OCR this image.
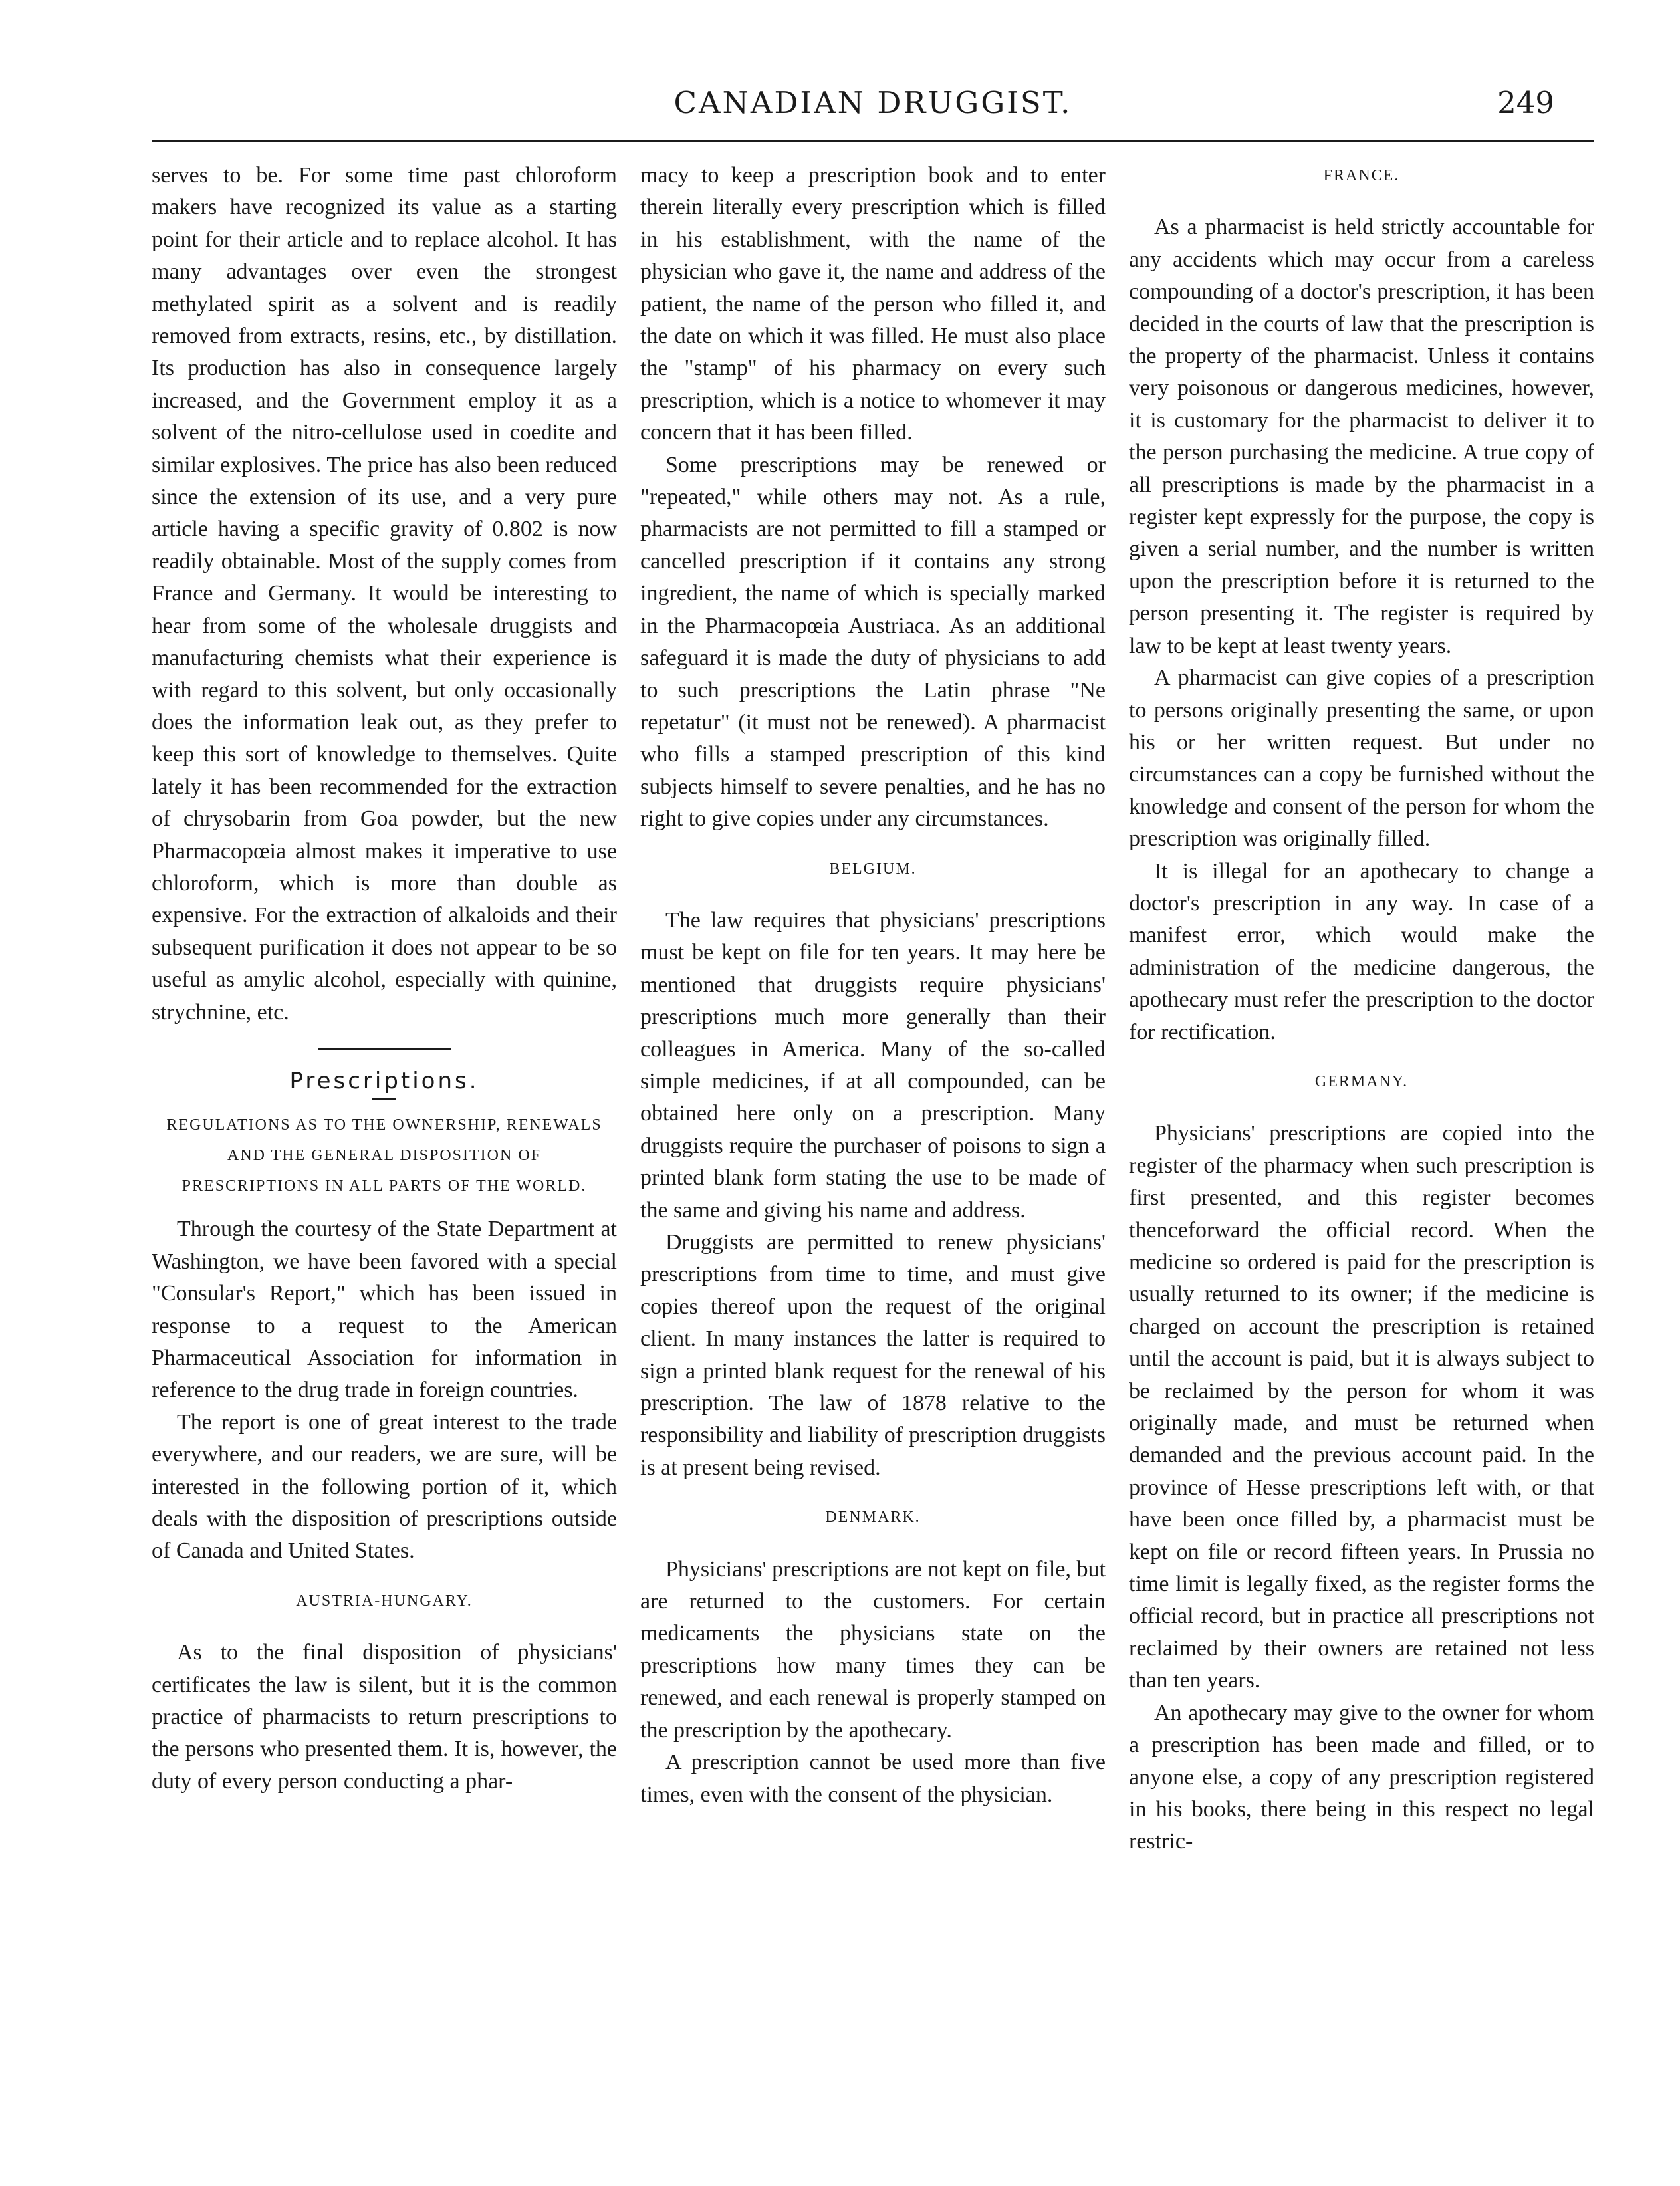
CANADIAN DRUGGIST.	249

serves to be. For some time past chloroform makers have recognized its value as a starting point for their article and to replace alcohol. It has many advantages over even the strongest methylated spirit as a solvent and is readily removed from extracts, resins, etc., by distillation. Its production has also in consequence largely increased, and the Government employ it as a solvent of the nitro-cellulose used in coedite and similar explosives. The price has also been reduced since the extension of its use, and a very pure article having a specific gravity of 0.802 is now readily obtainable. Most of the supply comes from France and Germany. It would be interesting to hear from some of the wholesale druggists and manufacturing chemists what their experience is with regard to this solvent, but only occasionally does the information leak out, as they prefer to keep this sort of knowledge to themselves. Quite lately it has been recommended for the extraction of chrysobarin from Goa powder, but the new Pharmacopœia almost makes it imperative to use chloroform, which is more than double as expensive. For the extraction of alkaloids and their subsequent purification it does not appear to be so useful as amylic alcohol, especially with quinine, strychnine, etc.

Prescriptions.
REGULATIONS AS TO THE OWNERSHIP, RENEWALS AND THE GENERAL DISPOSITION OF PRESCRIPTIONS IN ALL PARTS OF THE WORLD.

Through the courtesy of the State Department at Washington, we have been favored with a special "Consular's Report," which has been issued in response to a request to the American Pharmaceutical Association for information in reference to the drug trade in foreign countries.

The report is one of great interest to the trade everywhere, and our readers, we are sure, will be interested in the following portion of it, which deals with the disposition of prescriptions outside of Canada and United States.

AUSTRIA-HUNGARY.

As to the final disposition of physicians' certificates the law is silent, but it is the common practice of pharmacists to return prescriptions to the persons who presented them. It is, however, the duty of every person conducting a phar-

macy to keep a prescription book and to enter therein literally every prescription which is filled in his establishment, with the name of the physician who gave it, the name and address of the patient, the name of the person who filled it, and the date on which it was filled. He must also place the "stamp" of his pharmacy on every such prescription, which is a notice to whomever it may concern that it has been filled.

Some prescriptions may be renewed or "repeated," while others may not. As a rule, pharmacists are not permitted to fill a stamped or cancelled prescription if it contains any strong ingredient, the name of which is specially marked in the Pharmacopœia Austriaca. As an additional safeguard it is made the duty of physicians to add to such prescriptions the Latin phrase "Ne repetatur" (it must not be renewed). A pharmacist who fills a stamped prescription of this kind subjects himself to severe penalties, and he has no right to give copies under any circumstances.

BELGIUM.

The law requires that physicians' prescriptions must be kept on file for ten years. It may here be mentioned that druggists require physicians' prescriptions much more generally than their colleagues in America. Many of the so-called simple medicines, if at all compounded, can be obtained here only on a prescription. Many druggists require the purchaser of poisons to sign a printed blank form stating the use to be made of the same and giving his name and address.

Druggists are permitted to renew physicians' prescriptions from time to time, and must give copies thereof upon the request of the original client. In many instances the latter is required to sign a printed blank request for the renewal of his prescription. The law of 1878 relative to the responsibility and liability of prescription druggists is at present being revised.

DENMARK.

Physicians' prescriptions are not kept on file, but are returned to the customers. For certain medicaments the physicians state on the prescriptions how many times they can be renewed, and each renewal is properly stamped on the prescription by the apothecary.

A prescription cannot be used more than five times, even with the consent of the physician.

FRANCE.

As a pharmacist is held strictly accountable for any accidents which may occur from a careless compounding of a doctor's prescription, it has been decided in the courts of law that the prescription is the property of the pharmacist. Unless it contains very poisonous or dangerous medicines, however, it is customary for the pharmacist to deliver it to the person purchasing the medicine. A true copy of all prescriptions is made by the pharmacist in a register kept expressly for the purpose, the copy is given a serial number, and the number is written upon the prescription before it is returned to the person presenting it. The register is required by law to be kept at least twenty years.

A pharmacist can give copies of a prescription to persons originally presenting the same, or upon his or her written request. But under no circumstances can a copy be furnished without the knowledge and consent of the person for whom the prescription was originally filled.

It is illegal for an apothecary to change a doctor's prescription in any way. In case of a manifest error, which would make the administration of the medicine dangerous, the apothecary must refer the prescription to the doctor for rectification.

GERMANY.

Physicians' prescriptions are copied into the register of the pharmacy when such prescription is first presented, and this register becomes thenceforward the official record. When the medicine so ordered is paid for the prescription is usually returned to its owner; if the medicine is charged on account the prescription is retained until the account is paid, but it is always subject to be reclaimed by the person for whom it was originally made, and must be returned when demanded and the previous account paid. In the province of Hesse prescriptions left with, or that have been once filled by, a pharmacist must be kept on file or record fifteen years. In Prussia no time limit is legally fixed, as the register forms the official record, but in practice all prescriptions not reclaimed by their owners are retained not less than ten years.

An apothecary may give to the owner for whom a prescription has been made and filled, or to anyone else, a copy of any prescription registered in his books, there being in this respect no legal restric-
